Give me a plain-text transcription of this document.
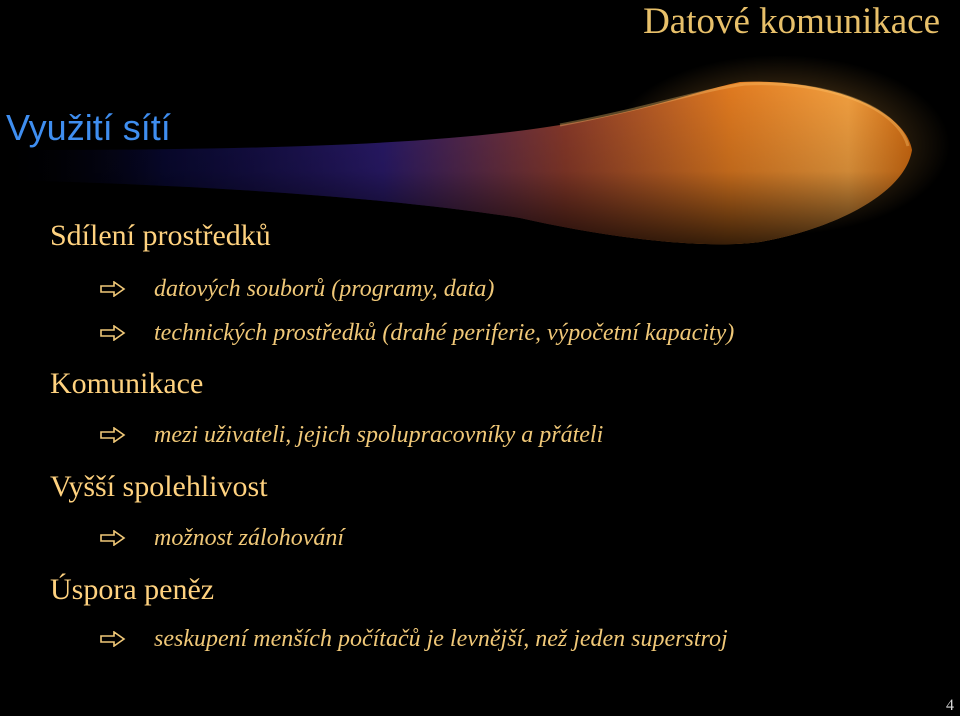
Datové komunikace
Využití sítí
Sdílení prostředků
datových souborů (programy, data)
technických prostředků (drahé periferie, výpočetní kapacity)
Komunikace
mezi uživateli, jejich spolupracovníky a přáteli
Vyšší spolehlivost
možnost zálohování
Úspora peněz
seskupení menších počítačů je levnější, než jeden superstroj
4
